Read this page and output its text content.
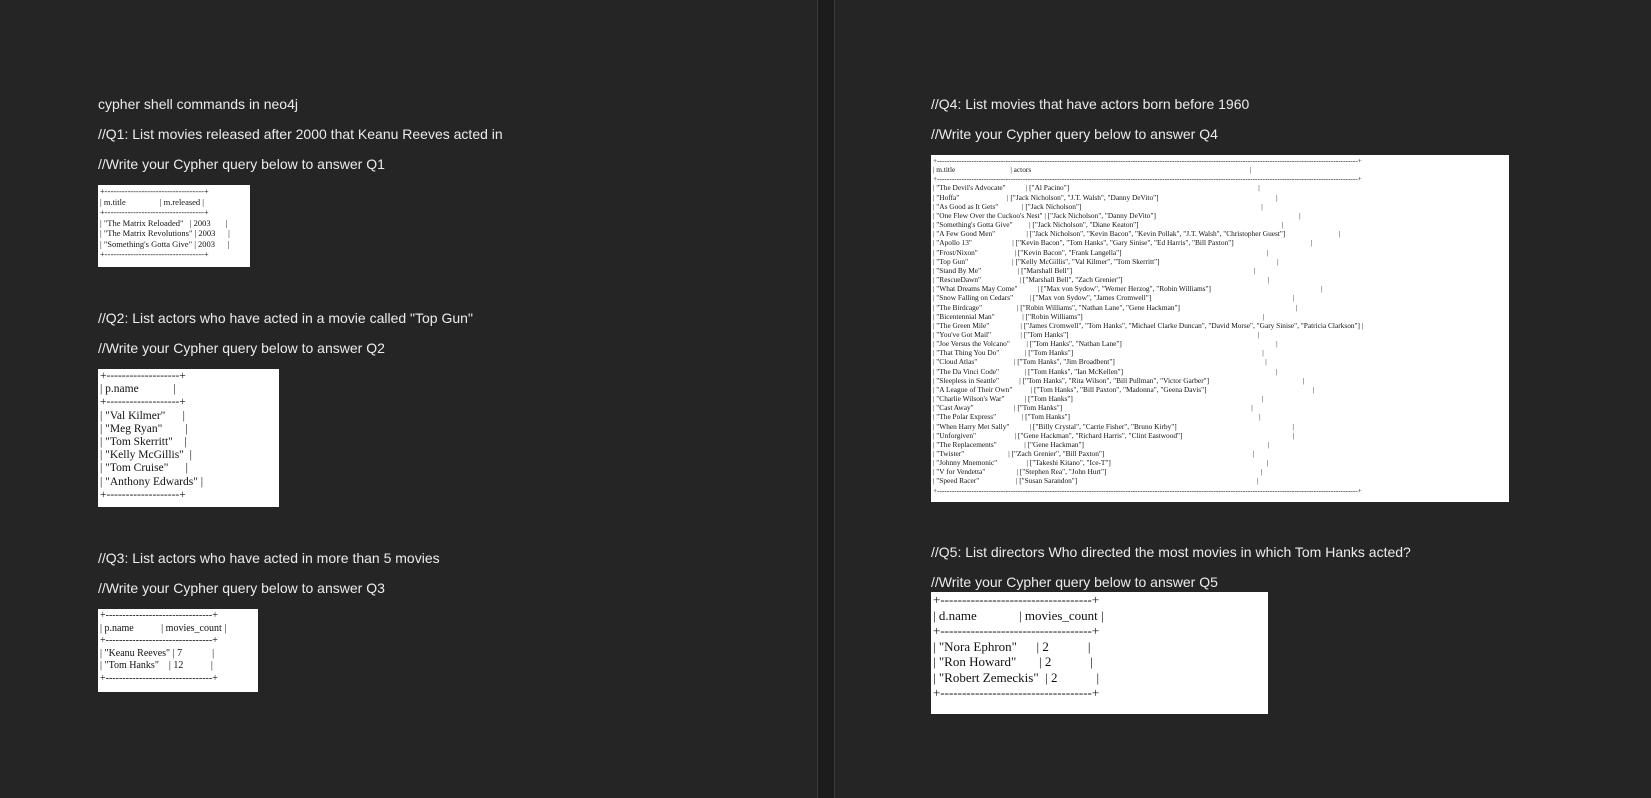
cypher shell commands in neo4j
//Q1: List movies released after 2000 that Keanu Reeves acted in
//Write your Cypher query below to answer Q1
+-----------------------------------+
| m.title                | m.released |
+-----------------------------------+
| "The Matrix Reloaded"   | 2003       |
| "The Matrix Revolutions" | 2003      |
| "Something's Gotta Give" | 2003      |
+-----------------------------------+
//Q2: List actors who have acted in a movie called "Top Gun"
//Write your Cypher query below to answer Q2
+-------------------+
| p.name            |
+-------------------+
| "Val Kilmer"      |
| "Meg Ryan"        |
| "Tom Skerritt"    |
| "Kelly McGillis"  |
| "Tom Cruise"      |
| "Anthony Edwards" |
+-------------------+
//Q3: List actors who have acted in more than 5 movies
//Write your Cypher query below to answer Q3
+--------------------------------+
| p.name           | movies_count |
+--------------------------------+
| "Keanu Reeves" | 7            |
| "Tom Hanks"    | 12           |
+--------------------------------+
//Q4: List movies that have actors born before 1960
//Write your Cypher query below to answer Q4
+----------------------------------------------------------------------------------------------------------------------------------------------------------------------------+
| m.title                              | actors                                                                                                                       |
+----------------------------------------------------------------------------------------------------------------------------------------------------------------------------+
| "The Devil's Advocate"           | ["Al Pacino"]                                                                                                       |
| "Hoffa"                          | ["Jack Nicholson", "J.T. Walsh", "Danny DeVito"]                                                                |
| "As Good as It Gets"             | ["Jack Nicholson"]                                                                                                  |
| "One Flew Over the Cuckoo's Nest" | ["Jack Nicholson", "Danny DeVito"]                                                                              |
| "Something's Gotta Give"         | ["Jack Nicholson", "Diane Keaton"]                                                                              |
| "A Few Good Men"                 | ["Jack Nicholson", "Kevin Bacon", "Kevin Pollak", "J.T. Walsh", "Christopher Guest"]                             |
| "Apollo 13"                      | ["Kevin Bacon", "Tom Hanks", "Gary Sinise", "Ed Harris", "Bill Paxton"]                                          |
| "Frost/Nixon"                    | ["Kevin Bacon", "Frank Langella"]                                                                               |
| "Top Gun"                        | ["Kelly McGillis", "Val Kilmer", "Tom Skerritt"]                                                                |
| "Stand By Me"                    | ["Marshall Bell"]                                                                                                   |
| "RescueDawn"                     | ["Marshall Bell", "Zach Grenier"]                                                                               |
| "What Dreams May Come"           | ["Max von Sydow", "Werner Herzog", "Robin Williams"]                                                            |
| "Snow Falling on Cedars"         | ["Max von Sydow", "James Cromwell"]                                                                             |
| "The Birdcage"                   | ["Robin Williams", "Nathan Lane", "Gene Hackman"]                                                               |
| "Bicentennial Man"               | ["Robin Williams"]                                                                                                  |
| "The Green Mile"                 | ["James Cromwell", "Tom Hanks", "Michael Clarke Duncan", "David Morse", "Gary Sinise", "Patricia Clarkson"] |
| "You've Got Mail"                | ["Tom Hanks"]                                                                                                       |
| "Joe Versus the Volcano"         | ["Tom Hanks", "Nathan Lane"]                                                                                    |
| "That Thing You Do"              | ["Tom Hanks"]                                                                                                       |
| "Cloud Atlas"                    | ["Tom Hanks", "Jim Broadbent"]                                                                                  |
| "The Da Vinci Code"              | ["Tom Hanks", "Ian McKellen"]                                                                                   |
| "Sleepless in Seattle"           | ["Tom Hanks", "Rita Wilson", "Bill Pullman", "Victor Garber"]                                                   |
| "A League of Their Own"          | ["Tom Hanks", "Bill Paxton", "Madonna", "Geena Davis"]                                                          |
| "Charlie Wilson's War"           | ["Tom Hanks"]                                                                                                       |
| "Cast Away"                      | ["Tom Hanks"]                                                                                                       |
| "The Polar Express"              | ["Tom Hanks"]                                                                                                       |
| "When Harry Met Sally"           | ["Billy Crystal", "Carrie Fisher", "Bruno Kirby"]                                                               |
| "Unforgiven"                     | ["Gene Hackman", "Richard Harris", "Clint Eastwood"]                                                            |
| "The Replacements"               | ["Gene Hackman"]                                                                                                    |
| "Twister"                        | ["Zach Grenier", "Bill Paxton"]                                                                                 |
| "Johnny Mnemonic"                | ["Takeshi Kitano", "Ice-T"]                                                                                     |
| "V for Vendetta"                 | ["Stephen Rea", "John Hurt"]                                                                                    |
| "Speed Racer"                    | ["Susan Sarandon"]                                                                                                  |
+----------------------------------------------------------------------------------------------------------------------------------------------------------------------------+
//Q5: List directors Who directed the most movies in which Tom Hanks acted?
//Write your Cypher query below to answer Q5
+-----------------------------------+
| d.name             | movies_count |
+-----------------------------------+
| "Nora Ephron"      | 2            |
| "Ron Howard"       | 2            |
| "Robert Zemeckis"  | 2            |
+-----------------------------------+
